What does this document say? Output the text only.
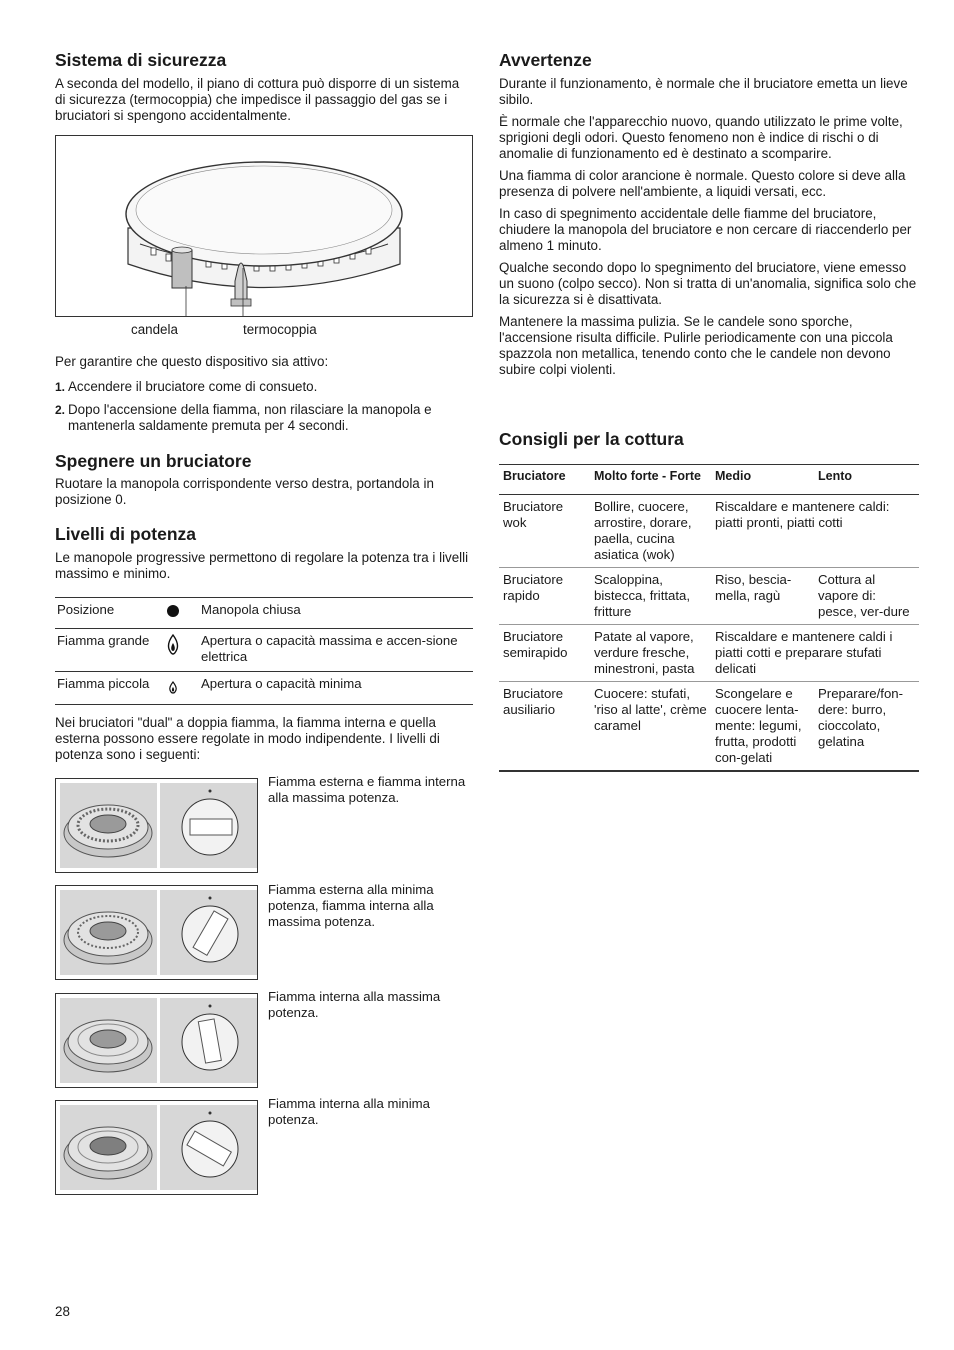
Sistema di sicurezza

A seconda del modello, il piano di cottura può disporre di un sistema di sicurezza (termocoppia) che impedisce il passaggio del gas se i bruciatori si spengono accidentalmente.

candela	termocoppia

Per garantire che questo dispositivo sia attivo:

1. Accendere il bruciatore come di consueto.
2. Dopo l'accensione della fiamma, non rilasciare la manopola e mantenerla saldamente premuta per 4 secondi.
Spegnere un bruciatore

Ruotare la manopola corrispondente verso destra, portandola in posizione 0.

Livelli di potenza

Le manopole progressive permettono di regolare la potenza tra i livelli massimo e minimo.

Posizione		Manopola chiusa
Fiamma grande		Apertura o capacità massima e accen-sione elettrica
Fiamma piccola		Apertura o capacità minima

Nei bruciatori "dual" a doppia fiamma, la fiamma interna e quella esterna possono essere regolate in modo indipendente. I livelli di potenza sono i seguenti:

Fiamma esterna e fiamma interna alla massima potenza.

Fiamma esterna alla minima potenza, fiamma interna alla massima potenza.

Fiamma interna alla massima potenza.

Fiamma interna alla minima potenza.

Avvertenze

Durante il funzionamento, è normale che il bruciatore emetta un lieve sibilo.

È normale che l'apparecchio nuovo, quando utilizzato le prime volte, sprigioni degli odori. Questo fenomeno non è indice di rischi o di anomalie di funzionamento ed è destinato a scomparire.

Una fiamma di color arancione è normale. Questo colore si deve alla presenza di polvere nell'ambiente, a liquidi versati, ecc.

In caso di spegnimento accidentale delle fiamme del bruciatore, chiudere la manopola del bruciatore e non cercare di riaccenderlo per almeno 1 minuto.

Qualche secondo dopo lo spegnimento del bruciatore, viene emesso un suono (colpo secco). Non si tratta di un'anomalia, significa solo che la sicurezza si è disattivata.

Mantenere la massima pulizia. Se le candele sono sporche, l'accensione risulta difficile. Pulirle periodicamente con una piccola spazzola non metallica, tenendo conto che le candele non devono subire colpi violenti.

Consigli per la cottura
Bruciatore	Molto forte - Forte	Medio	Lento
Bruciatore wok	Bollire, cuocere, arrostire, dorare, paella, cucina asiatica (wok)	Riscaldare e mantenere caldi: piatti pronti, piatti cotti	
Bruciatore rapido	Scaloppina, bistecca, frittata, fritture	Riso, bescia-mella, ragù	Cottura al vapore di: pesce, ver-dure
Bruciatore semirapido	Patate al vapore, verdure fresche, minestroni, pasta	Riscaldare e mantenere caldi i piatti cotti e preparare stufati delicati	
Bruciatore ausiliario	Cuocere: stufati, 'riso al latte', crème caramel	Scongelare e cuocere lenta-mente: legumi, frutta, prodotti con-gelati	Preparare/fon-dere: burro, cioccolato, gelatina
28
